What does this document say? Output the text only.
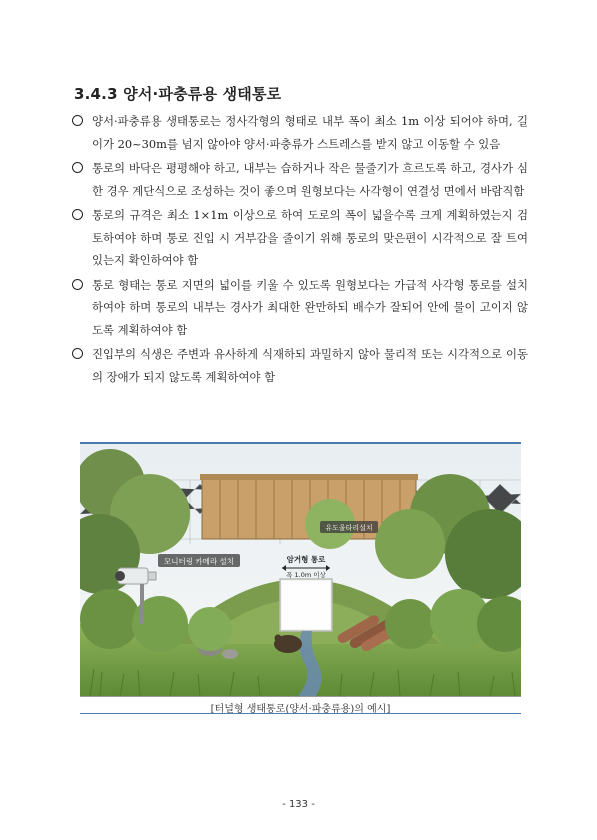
3.4.3 양서·파충류용 생태통로
양서·파충류용 생태통로는 정사각형의 형태로 내부 폭이 최소 1m 이상 되어야 하며, 길이가 20~30m를 넘지 않아야 양서·파충류가 스트레스를 받지 않고 이동할 수 있음
통로의 바닥은 평평해야 하고, 내부는 습하거나 작은 물줄기가 흐르도록 하고, 경사가 심한 경우 계단식으로 조성하는 것이 좋으며 원형보다는 사각형이 연결성 면에서 바람직함
통로의 규격은 최소 1×1m 이상으로 하여 도로의 폭이 넓을수록 크게 계획하였는지 검토하여야 하며 통로 진입 시 거부감을 줄이기 위해 통로의 맞은편이 시각적으로 잘 트여있는지 확인하여야 함
통로 형태는 통로 지면의 넓이를 키울 수 있도록 원형보다는 가급적 사각형 통로를 설치하여야 하며 통로의 내부는 경사가 최대한 완만하되 배수가 잘되어 안에 물이 고이지 않도록 계획하여야 함
진입부의 식생은 주변과 유사하게 식재하되 과밀하지 않아 물리적 또는 시각적으로 이동의 장애가 되지 않도록 계획하여야 함
모니터링 카메라 설치
유도울타리설치
암거형 통로
폭 1.0m 이상
[터널형 생태통로(양서·파충류용)의 예시]
- 133 -
